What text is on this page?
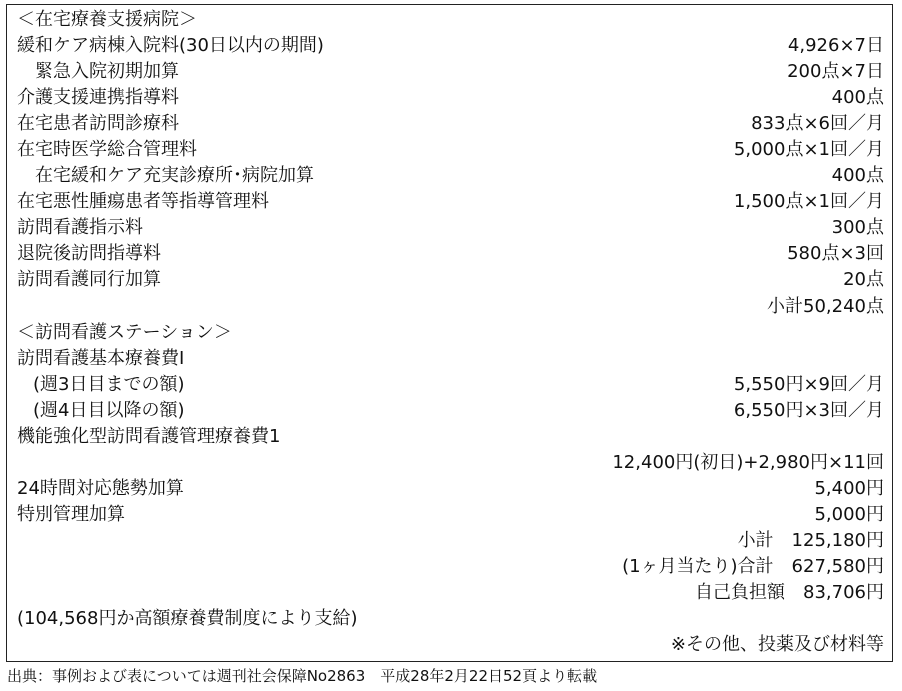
＜在宅療養支援病院＞
緩和ケア病棟入院料(30日以内の期間)	4,926×7日
緊急入院初期加算	200点×7日
介護支援連携指導料	400点
在宅患者訪問診療科	833点×6回／月
在宅時医学総合管理料	5,000点×1回／月
在宅緩和ケア充実診療所･病院加算	400点
在宅悪性腫瘍患者等指導管理料	1,500点×1回／月
訪問看護指示料	300点
退院後訪問指導料	580点×3回
訪問看護同行加算	20点
小計50,240点
＜訪問看護ステーション＞
訪問看護基本療養費Ⅰ
(週3日目までの額)	5,550円×9回／月
(週4日目以降の額)	6,550円×3回／月
機能強化型訪問看護管理療養費1
12,400円(初日)+2,980円×11回
24時間対応態勢加算	5,400円
特別管理加算	5,000円
小計　125,180円
(1ヶ月当たり)合計　627,580円
自己負担額　83,706円
(104,568円か高額療養費制度により支給)
※その他、投薬及び材料等
出典：事例および表については週刊社会保障No2863　平成28年2月22日52頁より転載
